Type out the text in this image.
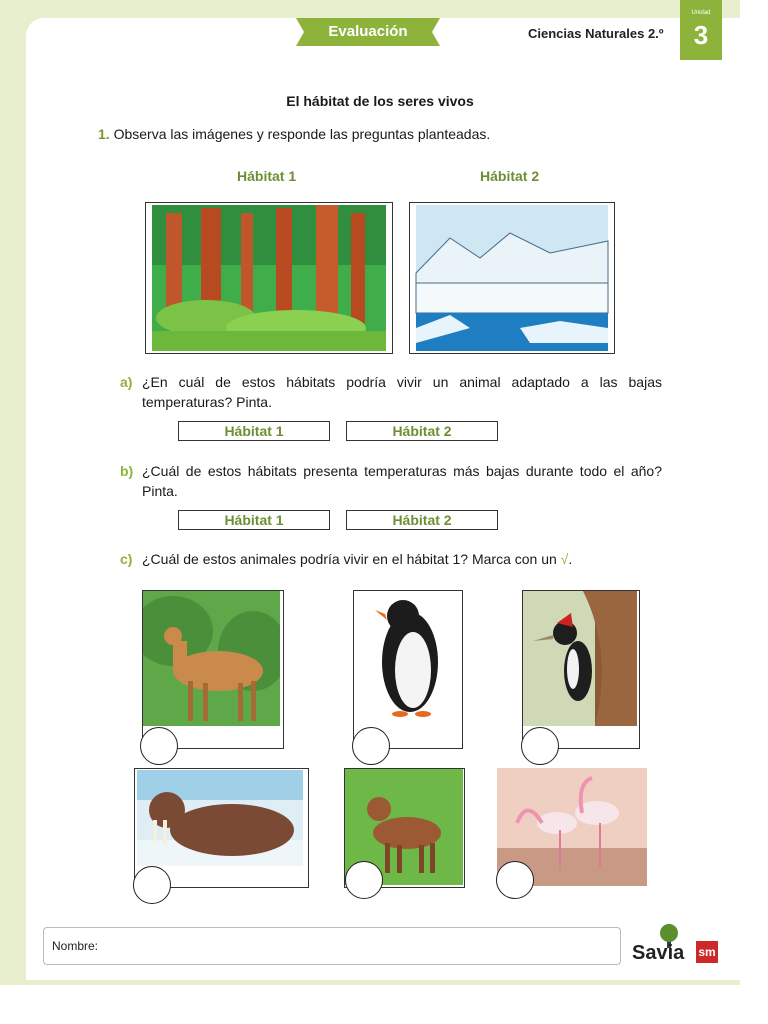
Evaluación	Ciencias Naturales 2.º
Unidad
3
El hábitat de los seres vivos
1. Observa las imágenes y responde las preguntas planteadas.
Hábitat 1	Hábitat 2
a) ¿En cuál de estos hábitats podría vivir un animal adaptado a las bajas temperaturas? Pinta.
Hábitat 1	Hábitat 2
b) ¿Cuál de estos hábitats presenta temperaturas más bajas durante todo el año? Pinta.
Hábitat 1	Hábitat 2
c) ¿Cuál de estos animales podría vivir en el hábitat 1? Marca con un √.
Nombre:	Savia sm
